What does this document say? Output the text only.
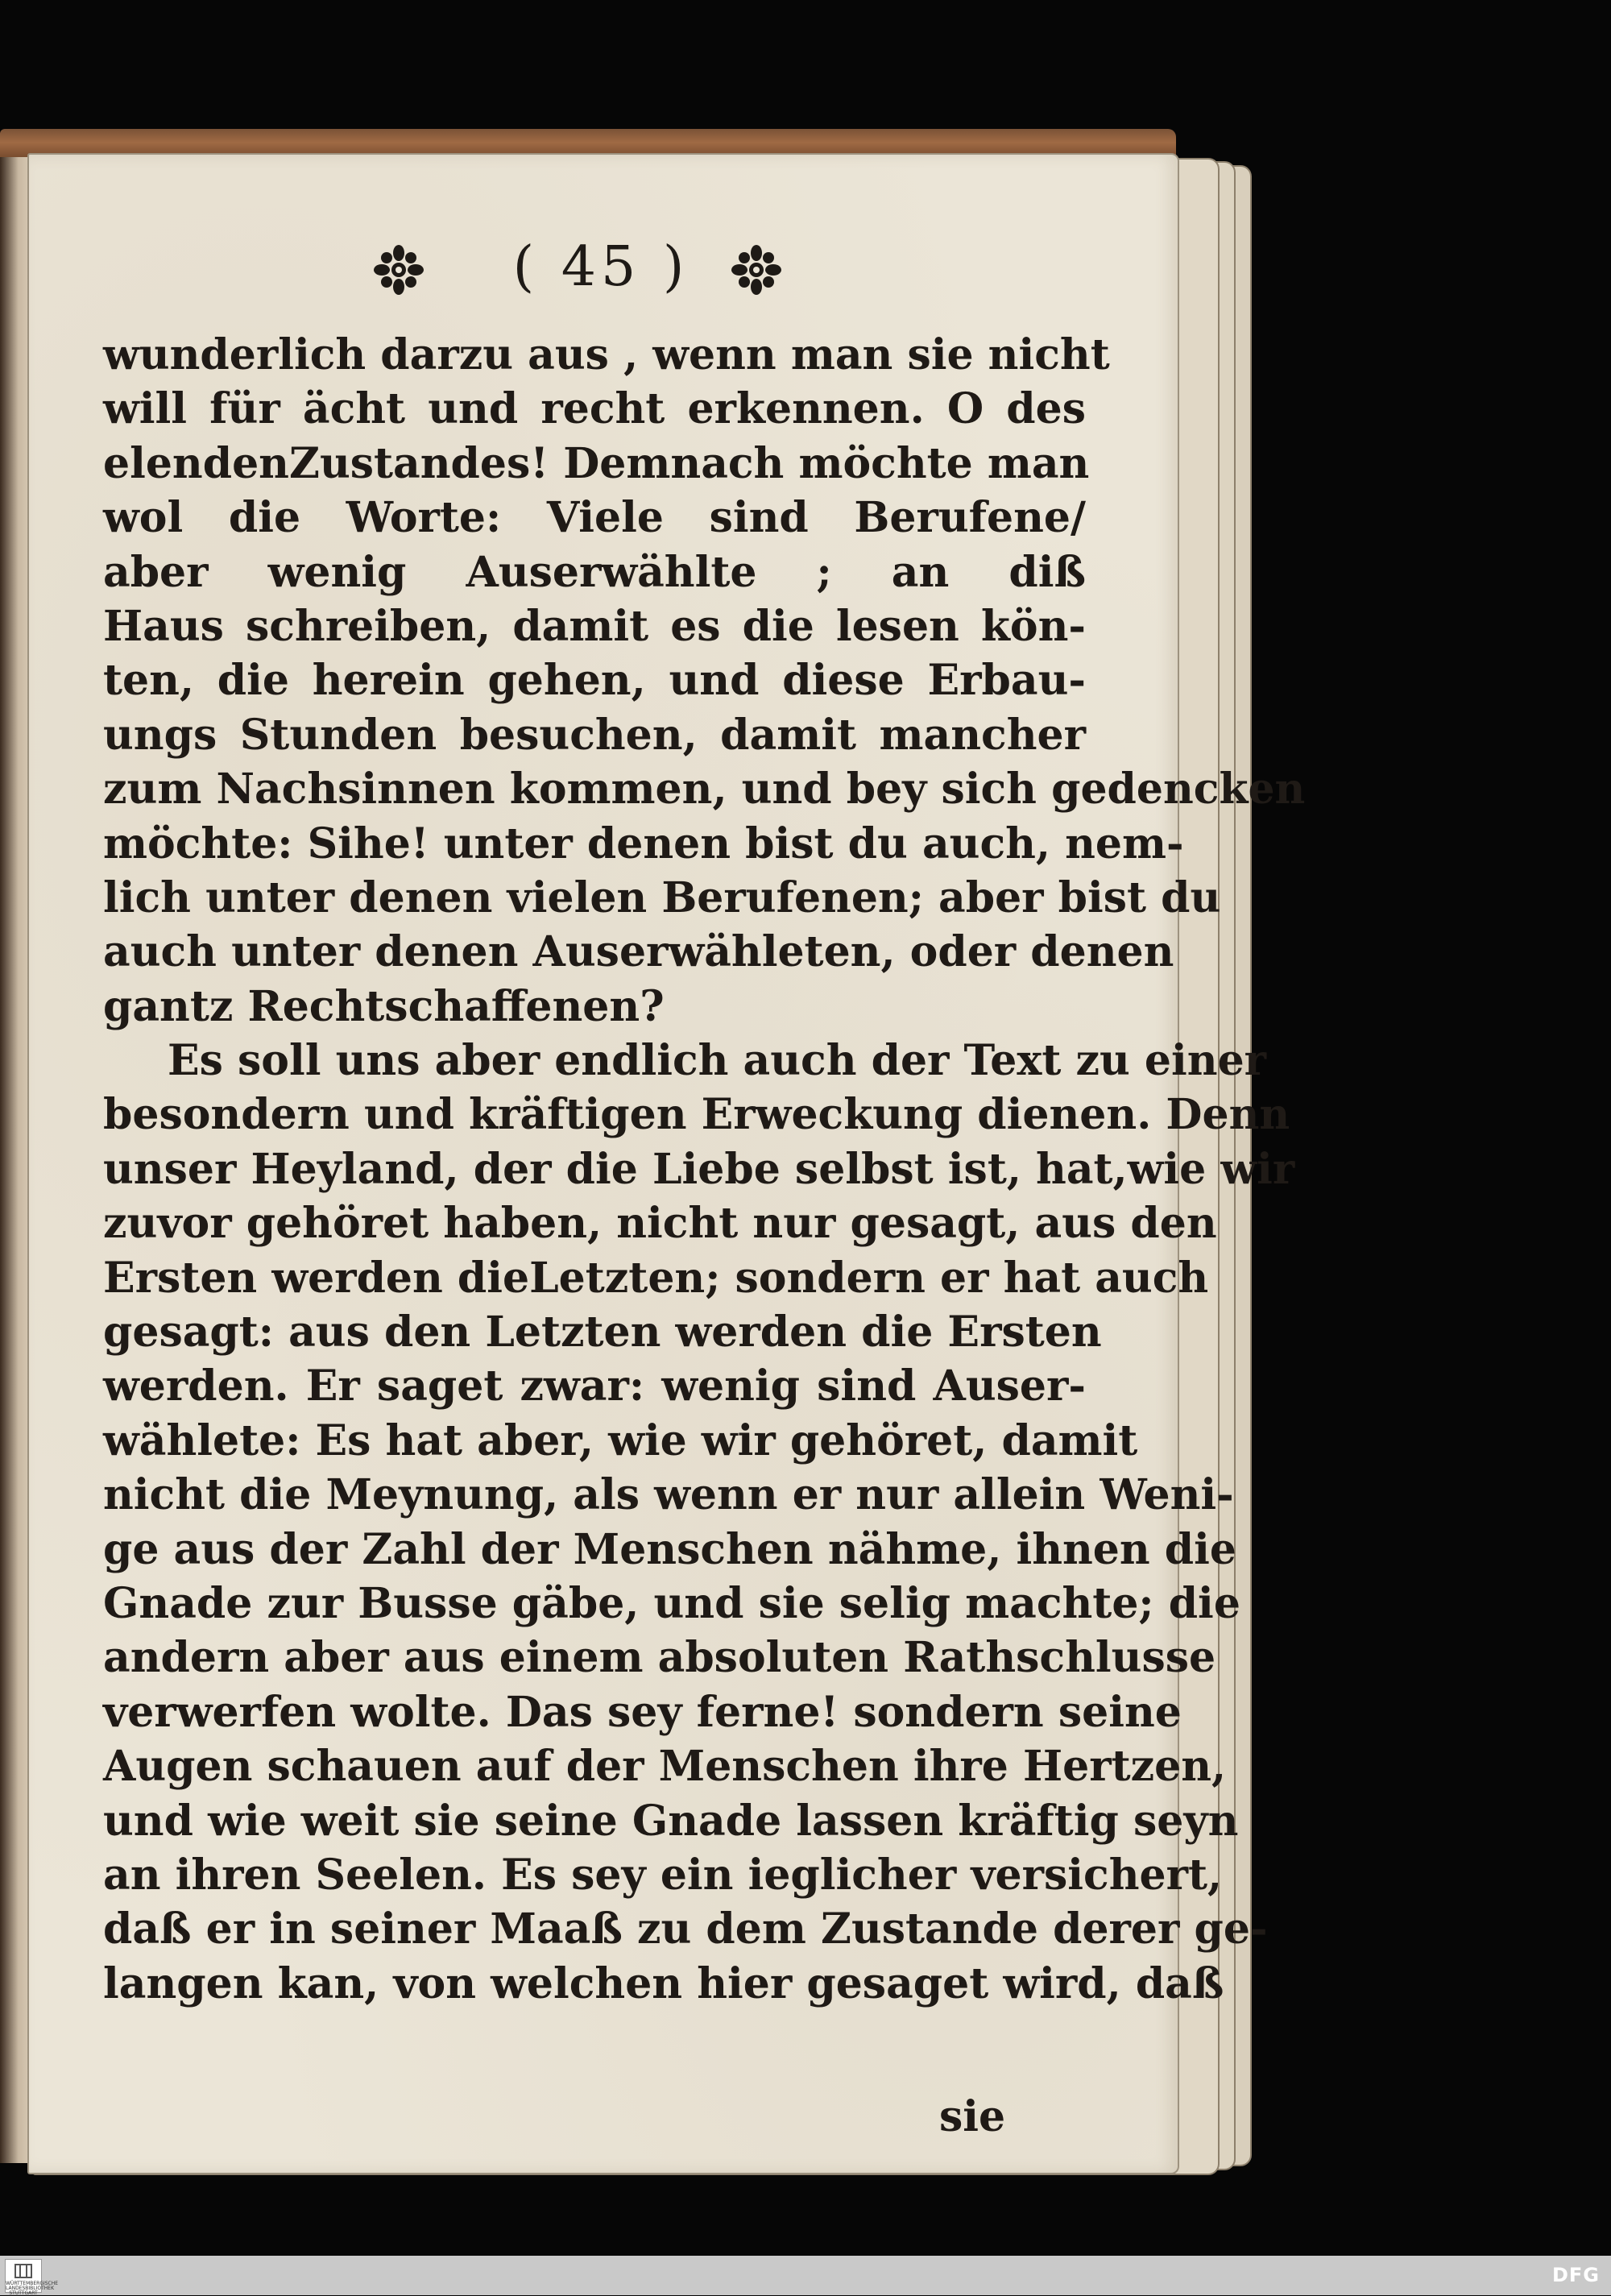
( 45 )
wunderlich darzu aus , wenn man sie nicht
will für ächt und recht erkennen. O des
elendenZustandes! Demnach möchte man
wol die Worte: Viele sind Berufene/
aber wenig Auserwählte ; an diß
Haus schreiben, damit es die lesen kön-
ten, die herein gehen, und diese Erbau-
ungs Stunden besuchen, damit mancher
zum Nachsinnen kommen, und bey sich gedencken
möchte: Sihe! unter denen bist du auch, nem-
lich unter denen vielen Berufenen; aber bist du
auch unter denen Auserwähleten, oder denen
gantz Rechtschaffenen?
Es soll uns aber endlich auch der Text zu einer
besondern und kräftigen Erweckung dienen. Denn
unser Heyland, der die Liebe selbst ist, hat,wie wir
zuvor gehöret haben, nicht nur gesagt, aus den
Ersten werden dieLetzten; sondern er hat auch
gesagt: aus den Letzten werden die Ersten
werden. Er saget zwar: wenig sind Auser-
wählete: Es hat aber, wie wir gehöret, damit
nicht die Meynung, als wenn er nur allein Weni-
ge aus der Zahl der Menschen nähme, ihnen die
Gnade zur Busse gäbe, und sie selig machte; die
andern aber aus einem absoluten Rathschlusse
verwerfen wolte. Das sey ferne! sondern seine
Augen schauen auf der Menschen ihre Hertzen,
und wie weit sie seine Gnade lassen kräftig seyn
an ihren Seelen. Es sey ein ieglicher versichert,
daß er in seiner Maaß zu dem Zustande derer ge-
langen kan, von welchen hier gesaget wird, daß
sie
WÜRTTEMBERGISCHE LANDESBIBLIOTHEK STUTTGART
DFG
